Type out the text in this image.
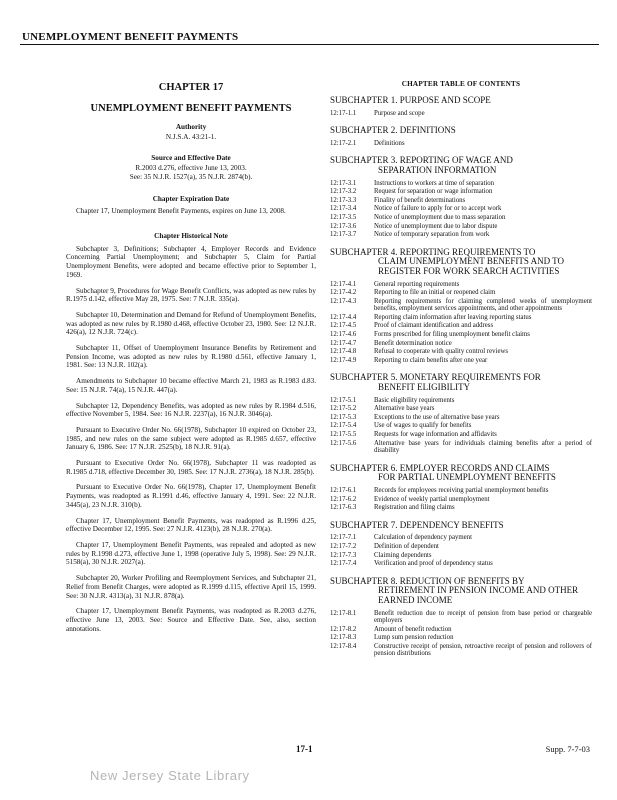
UNEMPLOYMENT BENEFIT PAYMENTS
CHAPTER 17
UNEMPLOYMENT BENEFIT PAYMENTS
Authority
N.J.S.A. 43:21-1.
Source and Effective Date
R.2003 d.276, effective June 13, 2003.
See: 35 N.J.R. 1527(a), 35 N.J.R. 2874(b).
Chapter Expiration Date
Chapter 17, Unemployment Benefit Payments, expires on June 13, 2008.
Chapter Historical Note
Subchapter 3, Definitions; Subchapter 4, Employer Records and Evidence Concerning Partial Unemployment; and Subchapter 5, Claim for Partial Unemployment Benefits, were adopted and became effective prior to September 1, 1969.
Subchapter 9, Procedures for Wage Benefit Conflicts, was adopted as new rules by R.1975 d.142, effective May 28, 1975. See: 7 N.J.R. 335(a).
Subchapter 10, Determination and Demand for Refund of Unemployment Benefits, was adopted as new rules by R.1980 d.468, effective October 23, 1980. See: 12 N.J.R. 426(a), 12 N.J.R. 724(c).
Subchapter 11, Offset of Unemployment Insurance Benefits by Retirement and Pension Income, was adopted as new rules by R.1980 d.561, effective January 1, 1981. See: 13 N.J.R. 102(a).
Amendments to Subchapter 10 became effective March 21, 1983 as R.1983 d.83. See: 15 N.J.R. 74(a), 15 N.J.R. 447(a).
Subchapter 12, Dependency Benefits, was adopted as new rules by R.1984 d.516, effective November 5, 1984. See: 16 N.J.R. 2237(a), 16 N.J.R. 3046(a).
Pursuant to Executive Order No. 66(1978), Subchapter 10 expired on October 23, 1985, and new rules on the same subject were adopted as R.1985 d.657, effective January 6, 1986. See: 17 N.J.R. 2525(b), 18 N.J.R. 91(a).
Pursuant to Executive Order No. 66(1978), Subchapter 11 was readopted as R.1985 d.718, effective December 30, 1985. See: 17 N.J.R. 2736(a), 18 N.J.R. 285(b).
Pursuant to Executive Order No. 66(1978), Chapter 17, Unemployment Benefit Payments, was readopted as R.1991 d.46, effective January 4, 1991. See: 22 N.J.R. 3445(a), 23 N.J.R. 310(b).
Chapter 17, Unemployment Benefit Payments, was readopted as R.1996 d.25, effective December 12, 1995. See: 27 N.J.R. 4123(b), 28 N.J.R. 270(a).
Chapter 17, Unemployment Benefit Payments, was repealed and adopted as new rules by R.1998 d.273, effective June 1, 1998 (operative July 5, 1998). See: 29 N.J.R. 5158(a), 30 N.J.R. 2027(a).
Subchapter 20, Worker Profiling and Reemployment Services, and Subchapter 21, Relief from Benefit Charges, were adopted as R.1999 d.115, effective April 15, 1999. See: 30 N.J.R. 4313(a), 31 N.J.R. 878(a).
Chapter 17, Unemployment Benefit Payments, was readopted as R.2003 d.276, effective June 13, 2003. See: Source and Effective Date. See, also, section annotations.
CHAPTER TABLE OF CONTENTS
SUBCHAPTER 1. PURPOSE AND SCOPE
12:17-1.1	Purpose and scope
SUBCHAPTER 2. DEFINITIONS
12:17-2.1	Definitions
SUBCHAPTER 3. REPORTING OF WAGE AND
SEPARATION INFORMATION
12:17-3.1	Instructions to workers at time of separation
12:17-3.2	Request for separation or wage information
12:17-3.3	Finality of benefit determinations
12:17-3.4	Notice of failure to apply for or to accept work
12:17-3.5	Notice of unemployment due to mass separation
12:17-3.6	Notice of unemployment due to labor dispute
12:17-3.7	Notice of temporary separation from work
SUBCHAPTER 4. REPORTING REQUIREMENTS TO
CLAIM UNEMPLOYMENT BENEFITS AND TO REGISTER FOR WORK SEARCH ACTIVITIES
12:17-4.1	General reporting requirements
12:17-4.2	Reporting to file an initial or reopened claim
12:17-4.3	Reporting requirements for claiming completed weeks of unemployment benefits, employment services appointments, and other appointments
12:17-4.4	Reporting claim information after leaving reporting status
12:17-4.5	Proof of claimant identification and address
12:17-4.6	Forms prescribed for filing unemployment benefit claims
12:17-4.7	Benefit determination notice
12:17-4.8	Refusal to cooperate with quality control reviews
12:17-4.9	Reporting to claim benefits after one year
SUBCHAPTER 5. MONETARY REQUIREMENTS FOR
BENEFIT ELIGIBILITY
12:17-5.1	Basic eligibility requirements
12:17-5.2	Alternative base years
12:17-5.3	Exceptions to the use of alternative base years
12:17-5.4	Use of wages to qualify for benefits
12:17-5.5	Requests for wage information and affidavits
12:17-5.6	Alternative base years for individuals claiming benefits after a period of disability
SUBCHAPTER 6. EMPLOYER RECORDS AND CLAIMS
FOR PARTIAL UNEMPLOYMENT BENEFITS
12:17-6.1	Records for employees receiving partial unemployment benefits
12:17-6.2	Evidence of weekly partial unemployment
12:17-6.3	Registration and filing claims
SUBCHAPTER 7. DEPENDENCY BENEFITS
12:17-7.1	Calculation of dependency payment
12:17-7.2	Definition of dependent
12:17-7.3	Claiming dependents
12:17-7.4	Verification and proof of dependency status
SUBCHAPTER 8. REDUCTION OF BENEFITS BY
RETIREMENT IN PENSION INCOME AND OTHER EARNED INCOME
12:17-8.1	Benefit reduction due to receipt of pension from base period or chargeable employers
12:17-8.2	Amount of benefit reduction
12:17-8.3	Lump sum pension reduction
12:17-8.4	Constructive receipt of pension, retroactive receipt of pension and rollovers of pension distributions
17-1	Supp. 7-7-03
New Jersey State Library
